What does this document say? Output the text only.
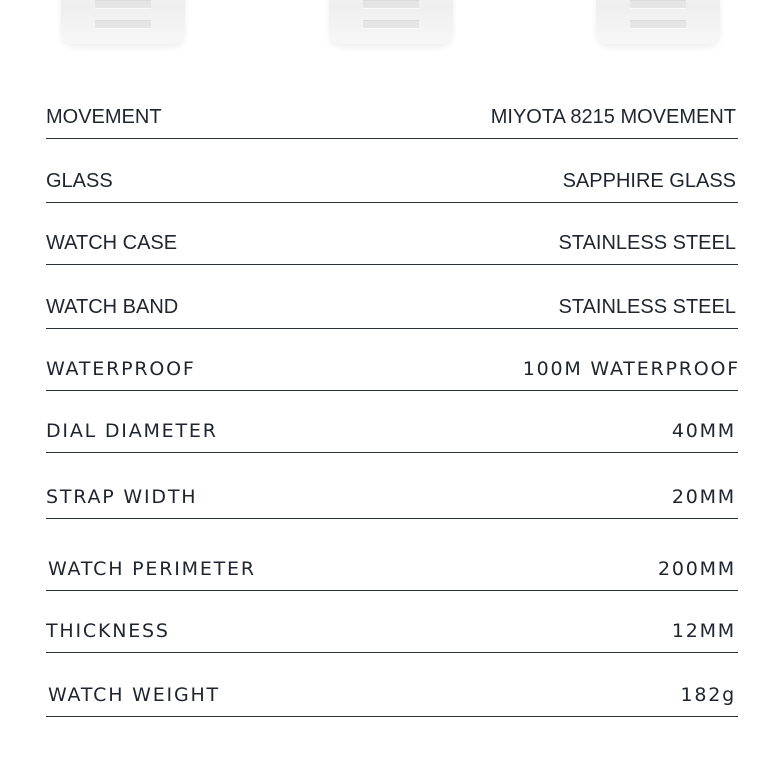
MOVEMENT	MIYOTA 8215 MOVEMENT
GLASS	SAPPHIRE GLASS
WATCH CASE	STAINLESS STEEL
WATCH BAND	STAINLESS STEEL
WATERPROOF	100M WATERPROOF
DIAL DIAMETER	40MM
STRAP WIDTH	20MM
WATCH PERIMETER	200MM
THICKNESS	12MM
WATCH WEIGHT	182g
